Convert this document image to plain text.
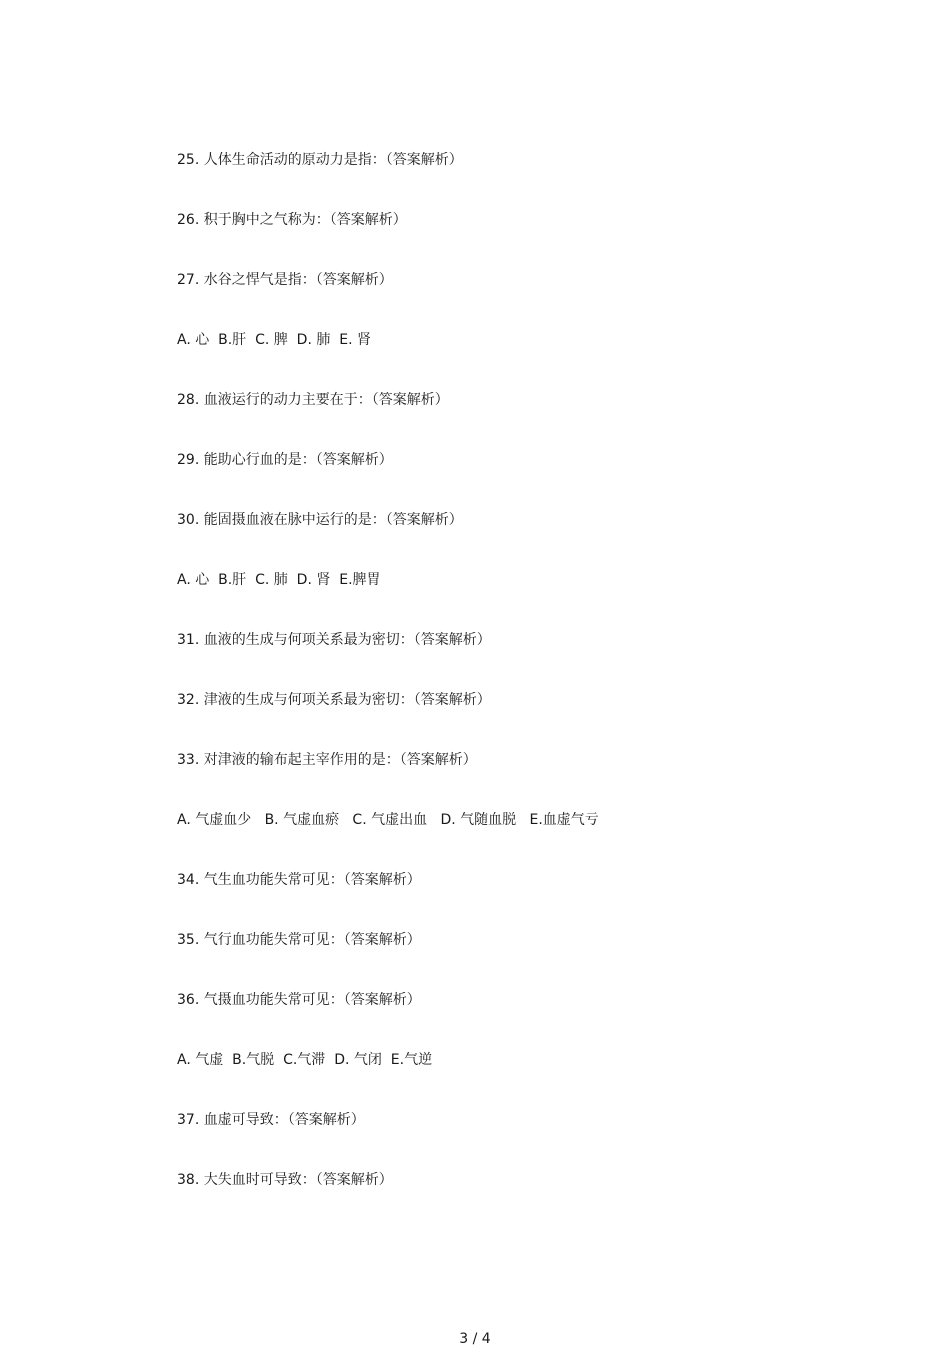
25. 人体生命活动的原动力是指：（答案解析）
26. 积于胸中之气称为：（答案解析）
27. 水谷之悍气是指：（答案解析）
A. 心  B.肝  C. 脾  D. 肺  E. 肾
28. 血液运行的动力主要在于：（答案解析）
29. 能助心行血的是：（答案解析）
30. 能固摄血液在脉中运行的是：（答案解析）
A. 心  B.肝  C. 肺  D. 肾  E.脾胃
31. 血液的生成与何项关系最为密切：（答案解析）
32. 津液的生成与何项关系最为密切：（答案解析）
33. 对津液的输布起主宰作用的是：（答案解析）
A. 气虚血少   B. 气虚血瘀   C. 气虚出血   D. 气随血脱   E.血虚气亏
34. 气生血功能失常可见：（答案解析）
35. 气行血功能失常可见：（答案解析）
36. 气摄血功能失常可见：（答案解析）
A. 气虚  B.气脱  C.气滞  D. 气闭  E.气逆
37. 血虚可导致：（答案解析）
38. 大失血时可导致：（答案解析）
3 / 4
